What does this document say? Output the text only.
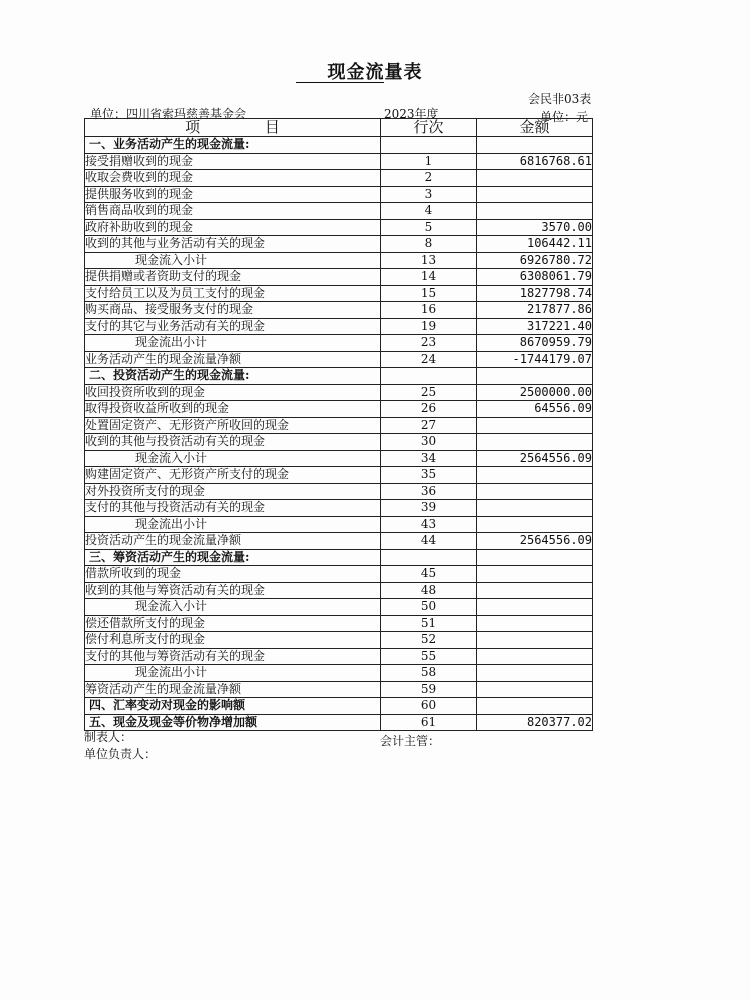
现金流量表
会民非03表
单位：四川省索玛慈善基金会	2023年度	单位：元
项 目	行次	金额
一、业务活动产生的现金流量:		
接受捐赠收到的现金	1	6816768.61
收取会费收到的现金	2	
提供服务收到的现金	3	
销售商品收到的现金	4	
政府补助收到的现金	5	3570.00
收到的其他与业务活动有关的现金	8	106442.11
现金流入小计	13	6926780.72
提供捐赠或者资助支付的现金	14	6308061.79
支付给员工以及为员工支付的现金	15	1827798.74
购买商品、接受服务支付的现金	16	217877.86
支付的其它与业务活动有关的现金	19	317221.40
现金流出小计	23	8670959.79
业务活动产生的现金流量净额	24	-1744179.07
二、投资活动产生的现金流量:		
收回投资所收到的现金	25	2500000.00
取得投资收益所收到的现金	26	64556.09
处置固定资产、无形资产所收回的现金	27	
收到的其他与投资活动有关的现金	30	
现金流入小计	34	2564556.09
购建固定资产、无形资产所支付的现金	35	
对外投资所支付的现金	36	
支付的其他与投资活动有关的现金	39	
现金流出小计	43	
投资活动产生的现金流量净额	44	2564556.09
三、筹资活动产生的现金流量:		
借款所收到的现金	45	
收到的其他与筹资活动有关的现金	48	
现金流入小计	50	
偿还借款所支付的现金	51	
偿付利息所支付的现金	52	
支付的其他与筹资活动有关的现金	55	
现金流出小计	58	
筹资活动产生的现金流量净额	59	
四、汇率变动对现金的影响额	60	
五、现金及现金等价物净增加额	61	820377.02
制表人：	会计主管：
单位负责人：
